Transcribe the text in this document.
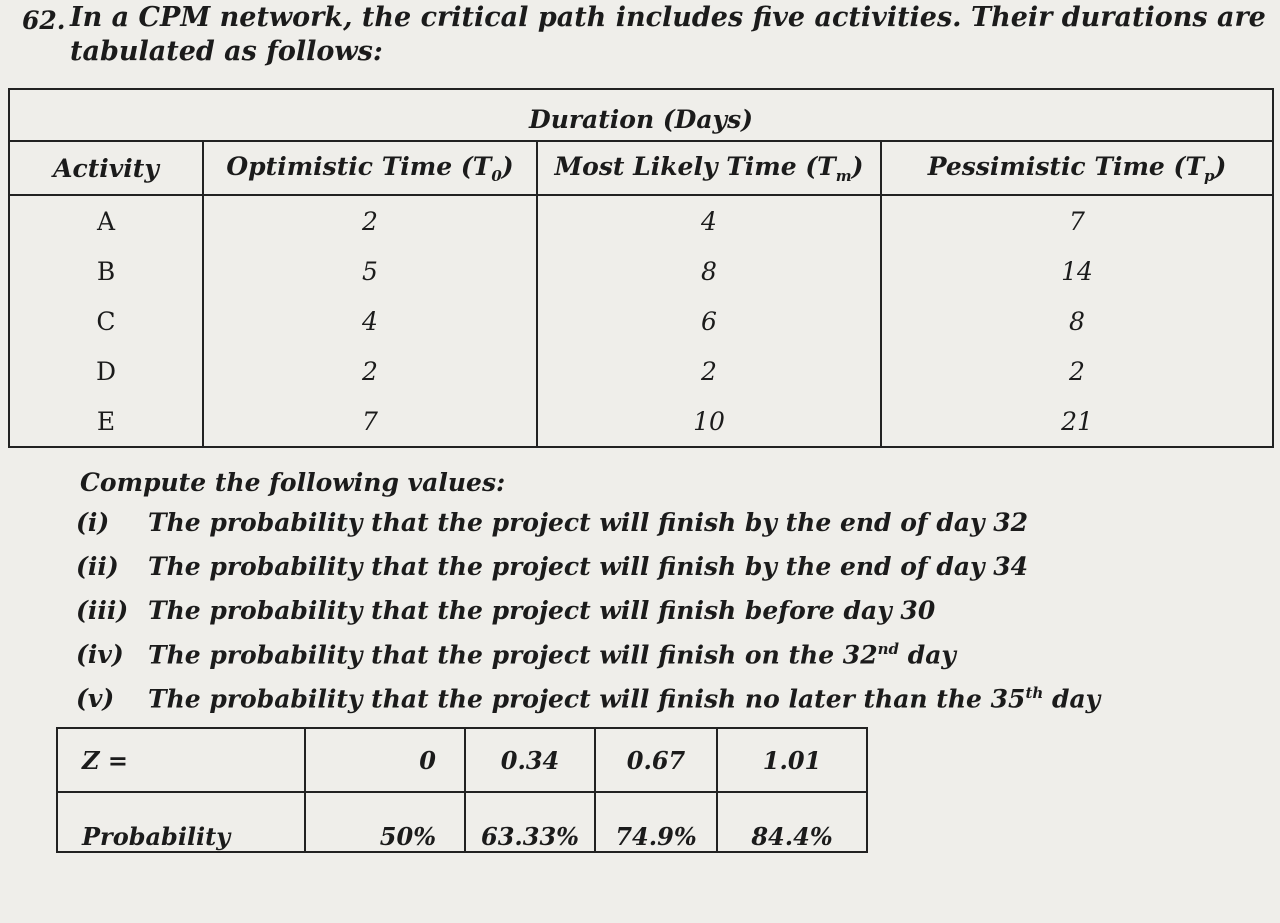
62. In a CPM network, the critical path includes five activities. Their durations are
tabulated as follows:

Duration (Days)			
Activity	Optimistic Time $(T_0)$	Most Likely Time $(T_m)$	Pessimistic Time $(T_p)$
A	2	4	7
B	5	8	14
C	4	6	8
D	2	2	2
E	7	10	21
Compute the following values:
(i) The probability that the project will finish by the end of day 32
(ii) The probability that the project will finish by the end of day 34
(iii) The probability that the project will finish before day 30
(iv) The probability that the project will finish on the 32nd day
(v) The probability that the project will finish no later than the 35th day
Z =	0	0.34	0.67	1.01
Probability	50%	63.33%	74.9%	84.4%
